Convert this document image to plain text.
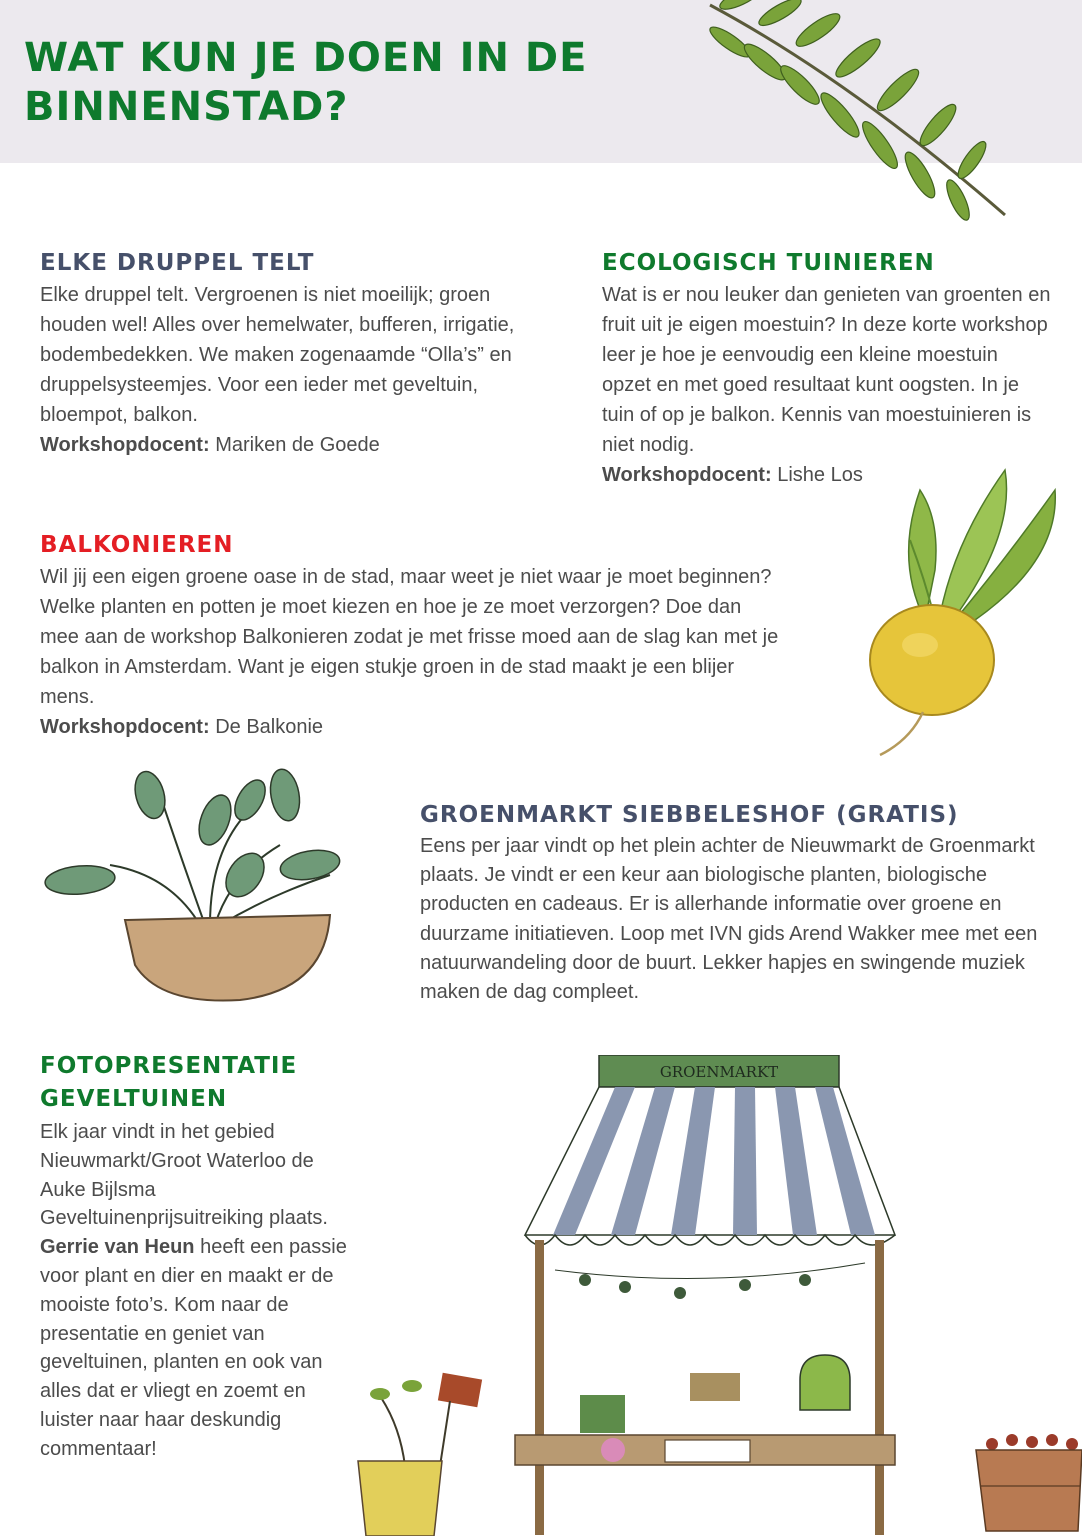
WAT KUN JE DOEN IN DE BINNENSTAD?
ELKE DRUPPEL TELT

Elke druppel telt. Vergroenen is niet moeilijk; groen houden wel! Alles over hemelwater, bufferen, irrigatie, bodembedekken. We maken zogenaamde “Olla’s” en druppelsysteemjes. Voor een ieder met geveltuin, bloempot, balkon.
Workshopdocent: Mariken de Goede

ECOLOGISCH TUINIEREN

Wat is er nou leuker dan genieten van groenten en fruit uit je eigen moestuin? In deze korte workshop leer je hoe je eenvoudig een kleine moestuin opzet en met goed resultaat kunt oogsten. In je tuin of op je balkon. Kennis van moestuinieren is niet nodig.
Workshopdocent: Lishe Los

BALKONIEREN

Wil jij een eigen groene oase in de stad, maar weet je niet waar je moet beginnen? Welke planten en potten je moet kiezen en hoe je ze moet verzorgen? Doe dan mee aan de workshop Balkonieren zodat je met frisse moed aan de slag kan met je balkon in Amsterdam. Want je eigen stukje groen in de stad maakt je een blijer mens.
Workshopdocent: De Balkonie

GROENMARKT SIEBBELESHOF (GRATIS)

Eens per jaar vindt op het plein achter de Nieuwmarkt de Groenmarkt plaats. Je vindt er een keur aan biologische planten, biologische producten en cadeaus. Er is allerhande informatie over groene en duurzame initiatieven. Loop met IVN gids Arend Wakker mee met een natuurwandeling door de buurt. Lekker hapjes en swingende muziek maken de dag compleet.

FOTOPRESENTATIE GEVELTUINEN

Elk jaar vindt in het gebied Nieuwmarkt/Groot Waterloo de Auke Bijlsma Geveltuinenprijsuitreiking plaats. Gerrie van Heun heeft een passie voor plant en dier en maakt er de mooiste foto’s. Kom naar de presentatie en geniet van geveltuinen, planten en ook van alles dat er vliegt en zoemt en luister naar haar deskundig commentaar!

GROENMARKT
